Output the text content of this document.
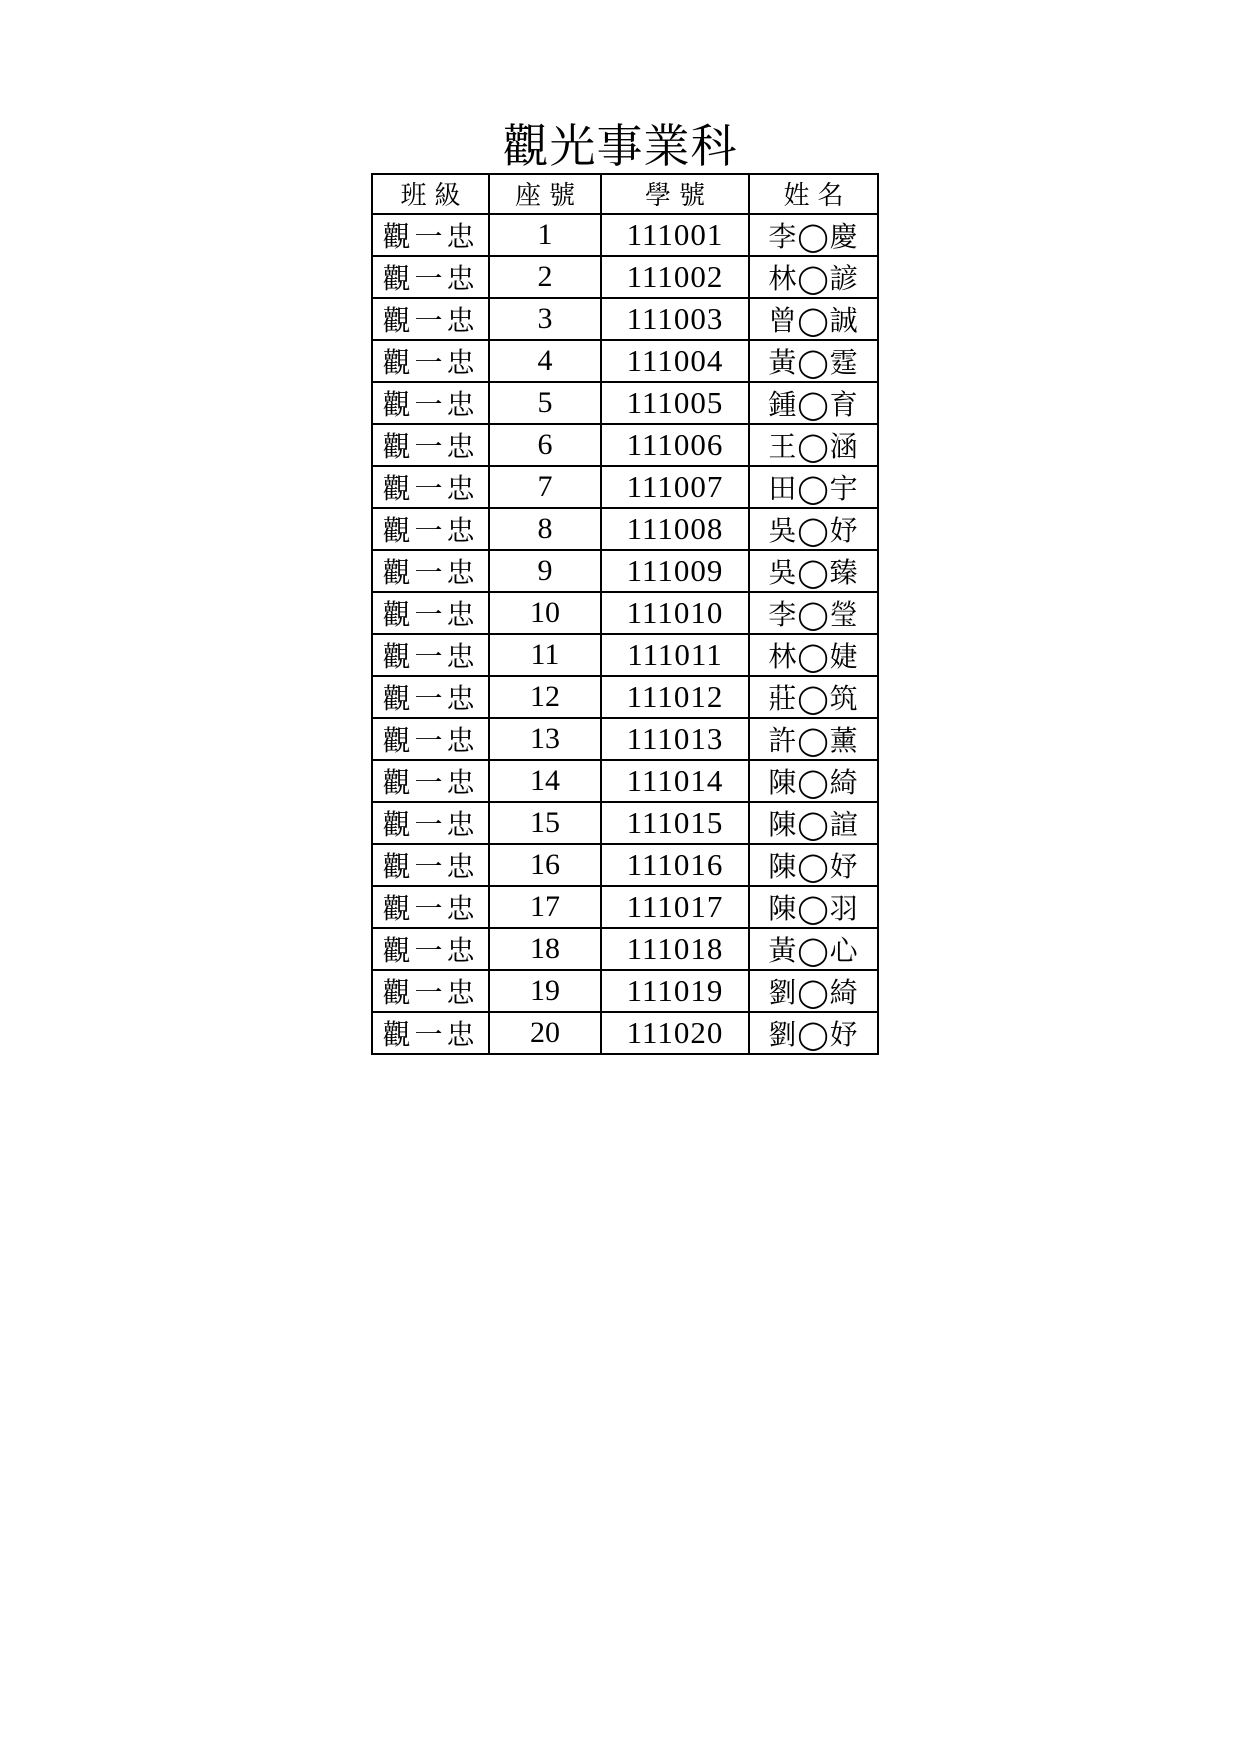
觀光事業科
班級	座號	學號	姓名
觀一忠	1	111001	李◯慶
觀一忠	2	111002	林◯諺
觀一忠	3	111003	曾◯誠
觀一忠	4	111004	黃◯霆
觀一忠	5	111005	鍾◯育
觀一忠	6	111006	王◯涵
觀一忠	7	111007	田◯宇
觀一忠	8	111008	吳◯妤
觀一忠	9	111009	吳◯臻
觀一忠	10	111010	李◯瑩
觀一忠	11	111011	林◯婕
觀一忠	12	111012	莊◯筑
觀一忠	13	111013	許◯薰
觀一忠	14	111014	陳◯綺
觀一忠	15	111015	陳◯諠
觀一忠	16	111016	陳◯妤
觀一忠	17	111017	陳◯羽
觀一忠	18	111018	黃◯心
觀一忠	19	111019	劉◯綺
觀一忠	20	111020	劉◯妤
